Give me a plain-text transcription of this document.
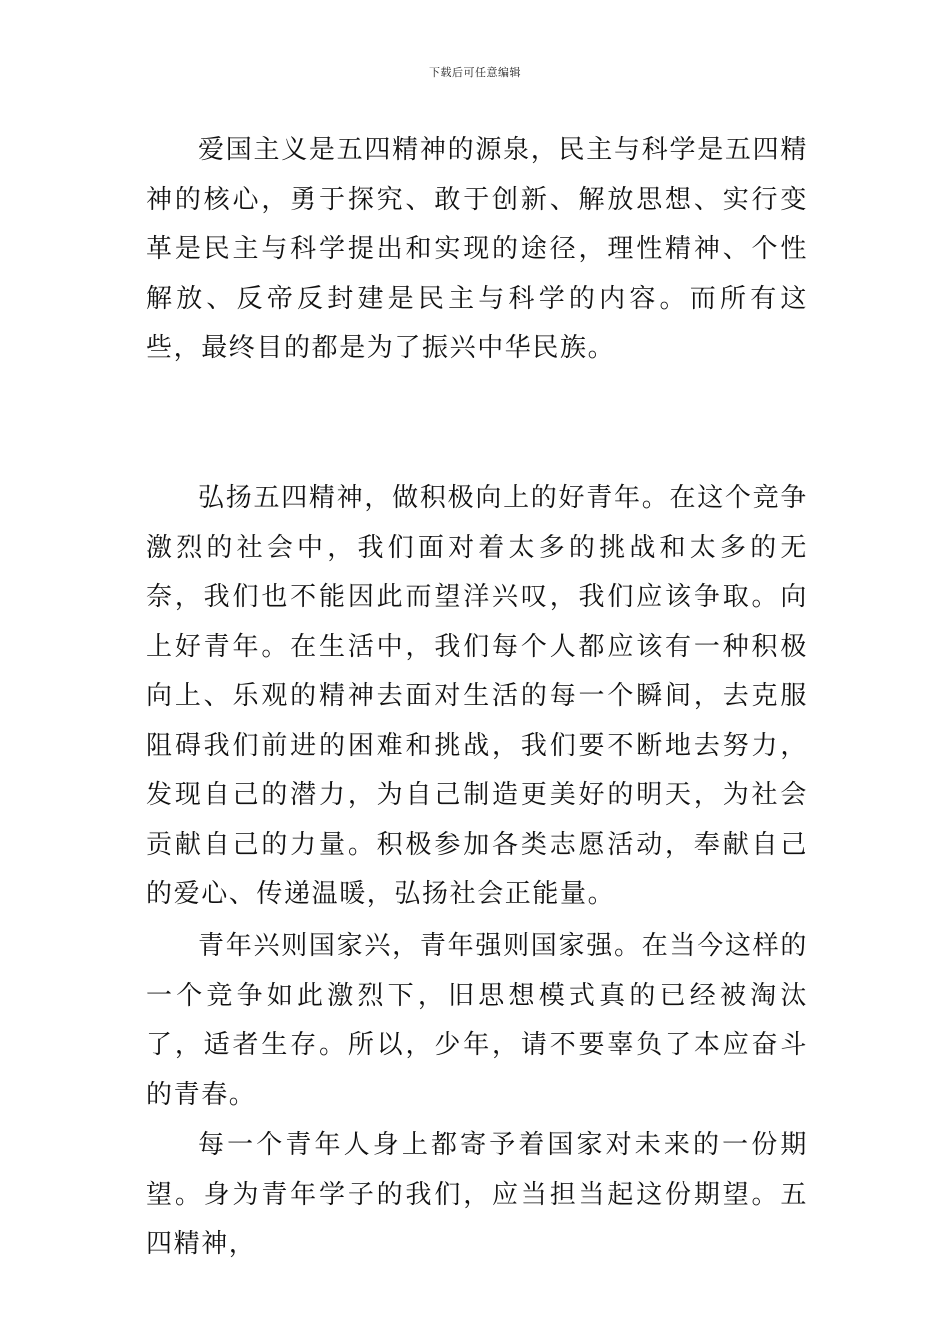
下载后可任意编辑

爱国主义是五四精神的源泉，民主与科学是五四精神的核心，勇于探究、敢于创新、解放思想、实行变革是民主与科学提出和实现的途径，理性精神、个性解放、反帝反封建是民主与科学的内容。而所有这些，最终目的都是为了振兴中华民族。

弘扬五四精神，做积极向上的好青年。在这个竞争激烈的社会中，我们面对着太多的挑战和太多的无奈，我们也不能因此而望洋兴叹，我们应该争取。向上好青年。在生活中，我们每个人都应该有一种积极向上、乐观的精神去面对生活的每一个瞬间，去克服阻碍我们前进的困难和挑战，我们要不断地去努力，发现自己的潜力，为自己制造更美好的明天，为社会贡献自己的力量。积极参加各类志愿活动，奉献自己的爱心、传递温暖，弘扬社会正能量。

青年兴则国家兴，青年强则国家强。在当今这样的一个竞争如此激烈下，旧思想模式真的已经被淘汰了，适者生存。所以，少年，请不要辜负了本应奋斗的青春。

每一个青年人身上都寄予着国家对未来的一份期望。身为青年学子的我们，应当担当起这份期望。五四精神，
